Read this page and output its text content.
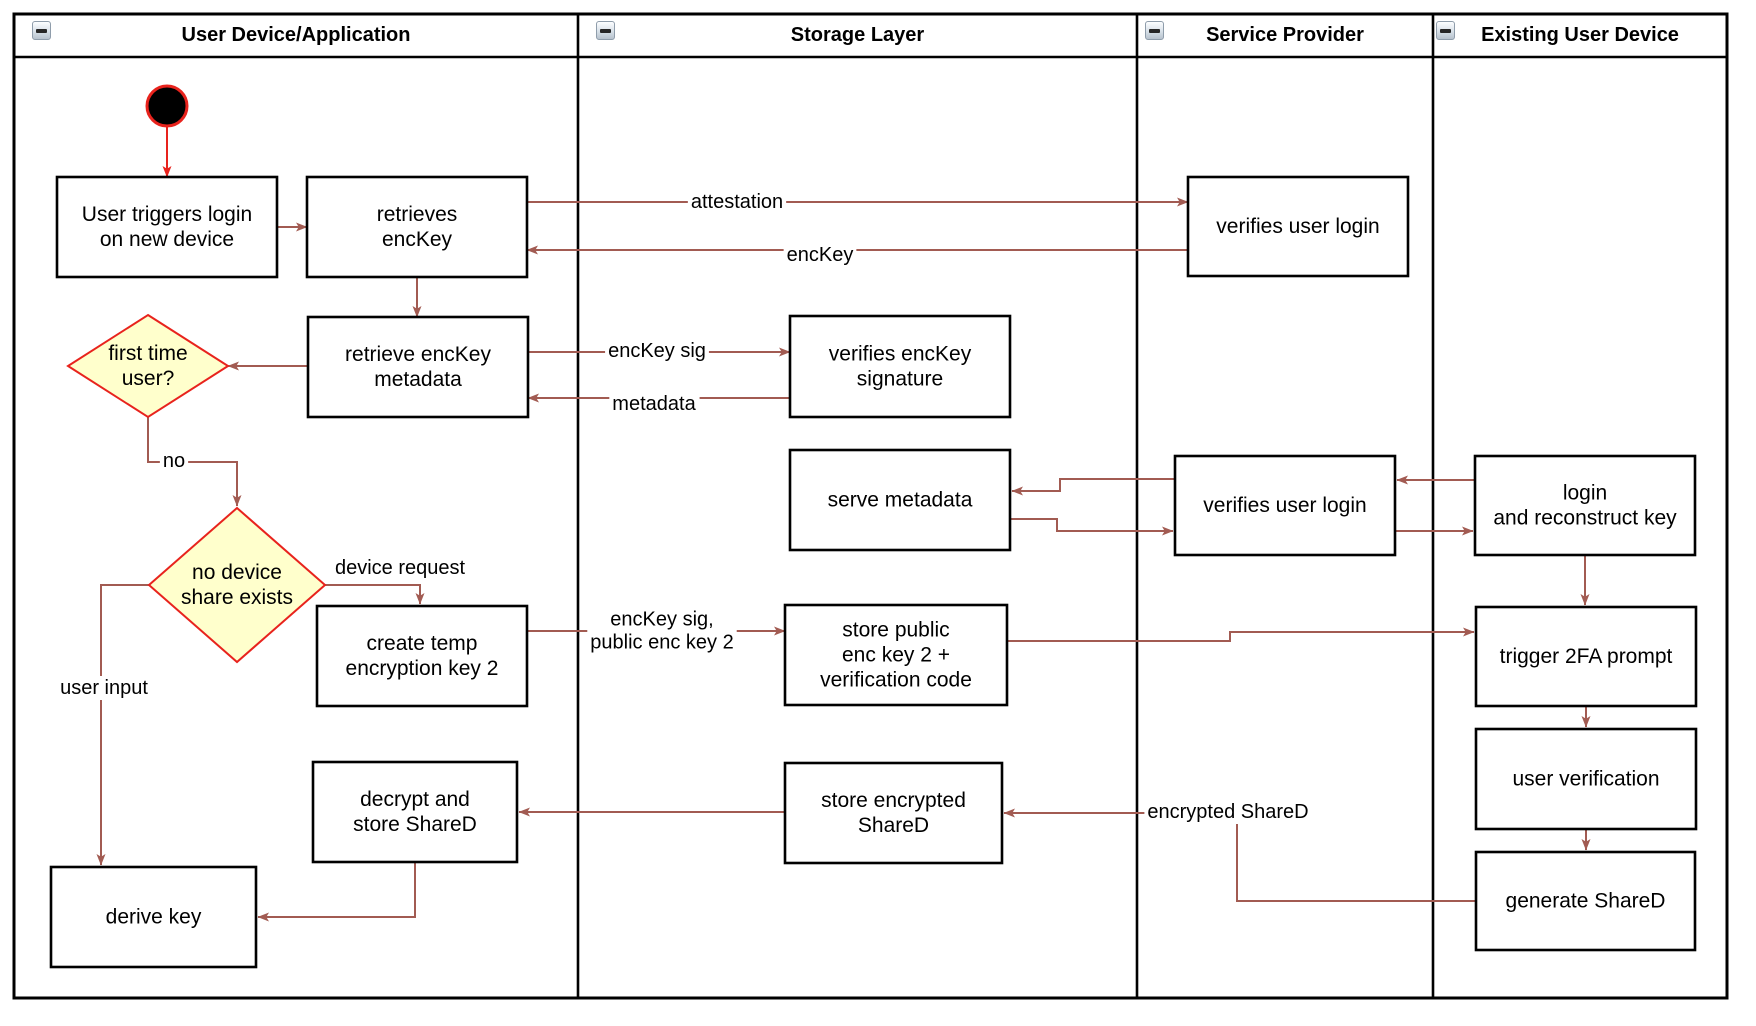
User triggers login on new device
retrieves encKey
retrieve encKey metadata
first time user?
no device share exists
create temp encryption key 2
decrypt and store ShareD
derive key
verifies encKey signature
serve metadata
store public enc key 2 + verification code
store encrypted ShareD
verifies user login
verifies user login
login and reconstruct key
trigger 2FA prompt
user verification
generate ShareD
attestation
encKey
encKey sig
metadata
no
device request
user input
encKey sig, public enc key 2
encrypted ShareD
User Device/Application	Storage Layer	Service Provider	Existing User Device
